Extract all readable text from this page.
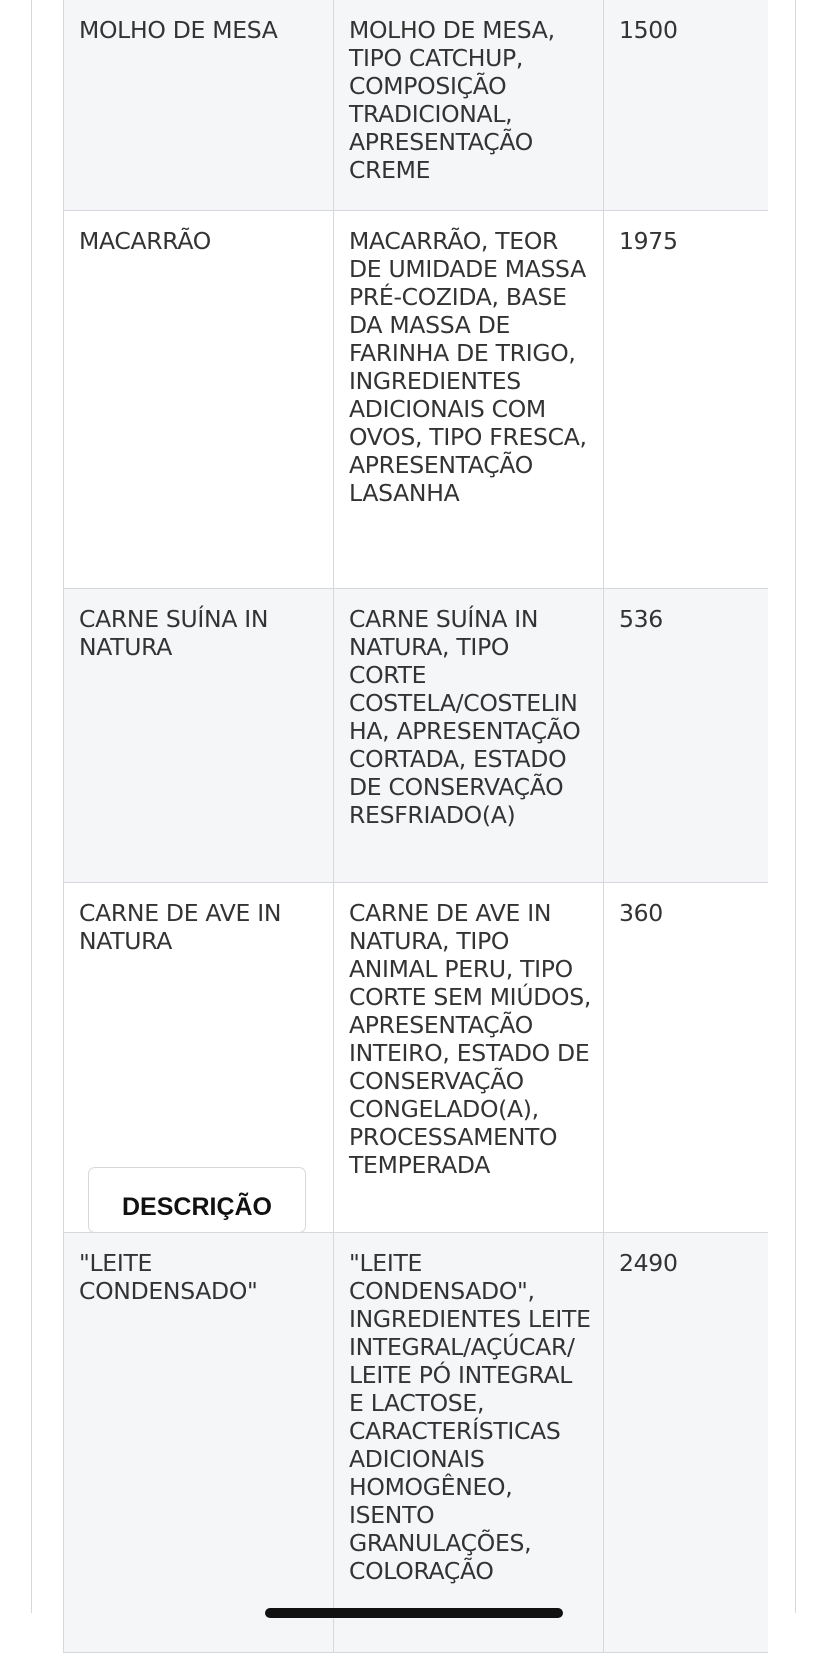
MOLHO DE MESA	MOLHO DE MESA, TIPO CATCHUP, COMPOSIÇÃO TRADICIONAL, APRESENTAÇÃO CREME	1500
MACARRÃO	MACARRÃO, TEOR DE UMIDADE MASSA PRÉ-COZIDA, BASE DA MASSA DE FARINHA DE TRIGO, INGREDIENTES ADICIONAIS COM OVOS, TIPO FRESCA, APRESENTAÇÃO LASANHA	1975
CARNE SUÍNA IN NATURA	CARNE SUÍNA IN NATURA, TIPO CORTE COSTELA/COSTELINHA, APRESENTAÇÃO CORTADA, ESTADO DE CONSERVAÇÃO RESFRIADO(A)	536
CARNE DE AVE IN NATURA	CARNE DE AVE IN NATURA, TIPO ANIMAL PERU, TIPO CORTE SEM MIÚDOS, APRESENTAÇÃO INTEIRO, ESTADO DE CONSERVAÇÃO CONGELADO(A), PROCESSAMENTO TEMPERADA	360
"LEITE CONDENSADO"	"LEITE CONDENSADO", INGREDIENTES LEITE INTEGRAL/AÇÚCAR/ LEITE PÓ INTEGRAL E LACTOSE, CARACTERÍSTICAS ADICIONAIS HOMOGÊNEO, ISENTO GRANULAÇÕES, COLORAÇÃO	2490
DESCRIÇÃO
